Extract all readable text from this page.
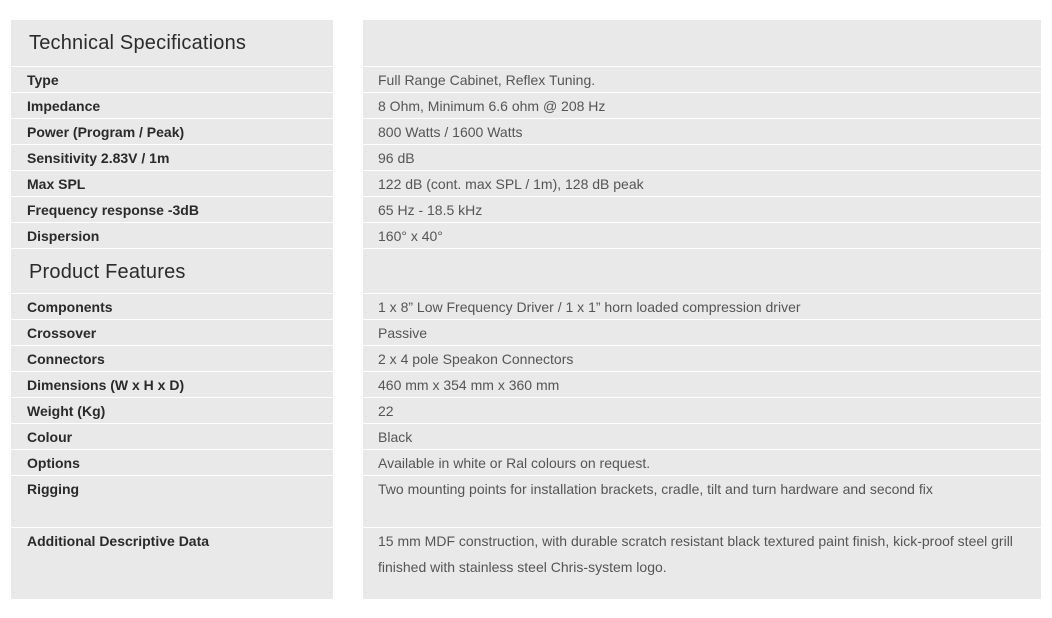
Technical Specifications
Type	Full Range Cabinet, Reflex Tuning.
Impedance	8 Ohm, Minimum 6.6 ohm @ 208 Hz
Power (Program / Peak)	800 Watts / 1600 Watts
Sensitivity 2.83V / 1m	96 dB
Max SPL	122 dB (cont. max SPL / 1m), 128 dB peak
Frequency response -3dB	65 Hz - 18.5 kHz
Dispersion	160° x 40°
Product Features
Components	1 x 8” Low Frequency Driver / 1 x 1” horn loaded compression driver
Crossover	Passive
Connectors	2 x 4 pole Speakon Connectors
Dimensions (W x H x D)	460 mm x 354 mm x 360 mm
Weight (Kg)	22
Colour	Black
Options	Available in white or Ral colours on request.
Rigging	Two mounting points for installation brackets, cradle, tilt and turn hardware and second fix
Additional Descriptive Data	15 mm MDF construction, with durable scratch resistant black textured paint finish, kick-proof steel grill finished with stainless steel Chris-system logo.
